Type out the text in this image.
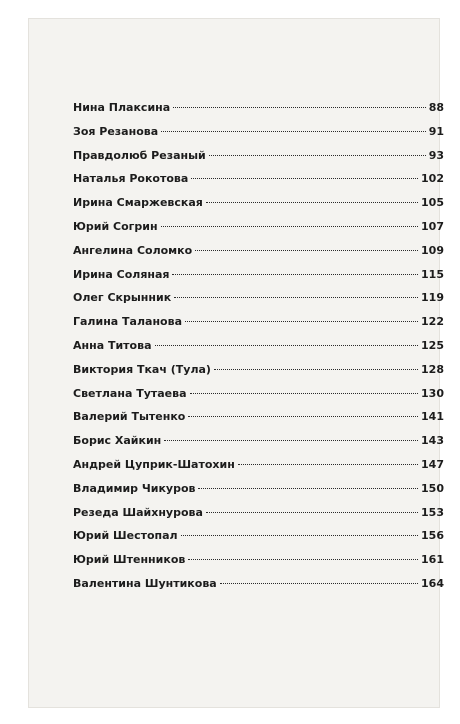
Нина Плаксина	88
Зоя Резанова	91
Правдолюб Резаный	93
Наталья Рокотова	102
Ирина Смаржевская	105
Юрий Согрин	107
Ангелина Соломко	109
Ирина Соляная	115
Олег Скрынник	119
Галина Таланова	122
Анна Титова	125
Виктория Ткач (Тула)	128
Светлана Тутаева	130
Валерий Тытенко	141
Борис Хайкин	143
Андрей Цуприк-Шатохин	147
Владимир Чикуров	150
Резеда Шайхнурова	153
Юрий Шестопал	156
Юрий Штенников	161
Валентина Шунтикова	164
